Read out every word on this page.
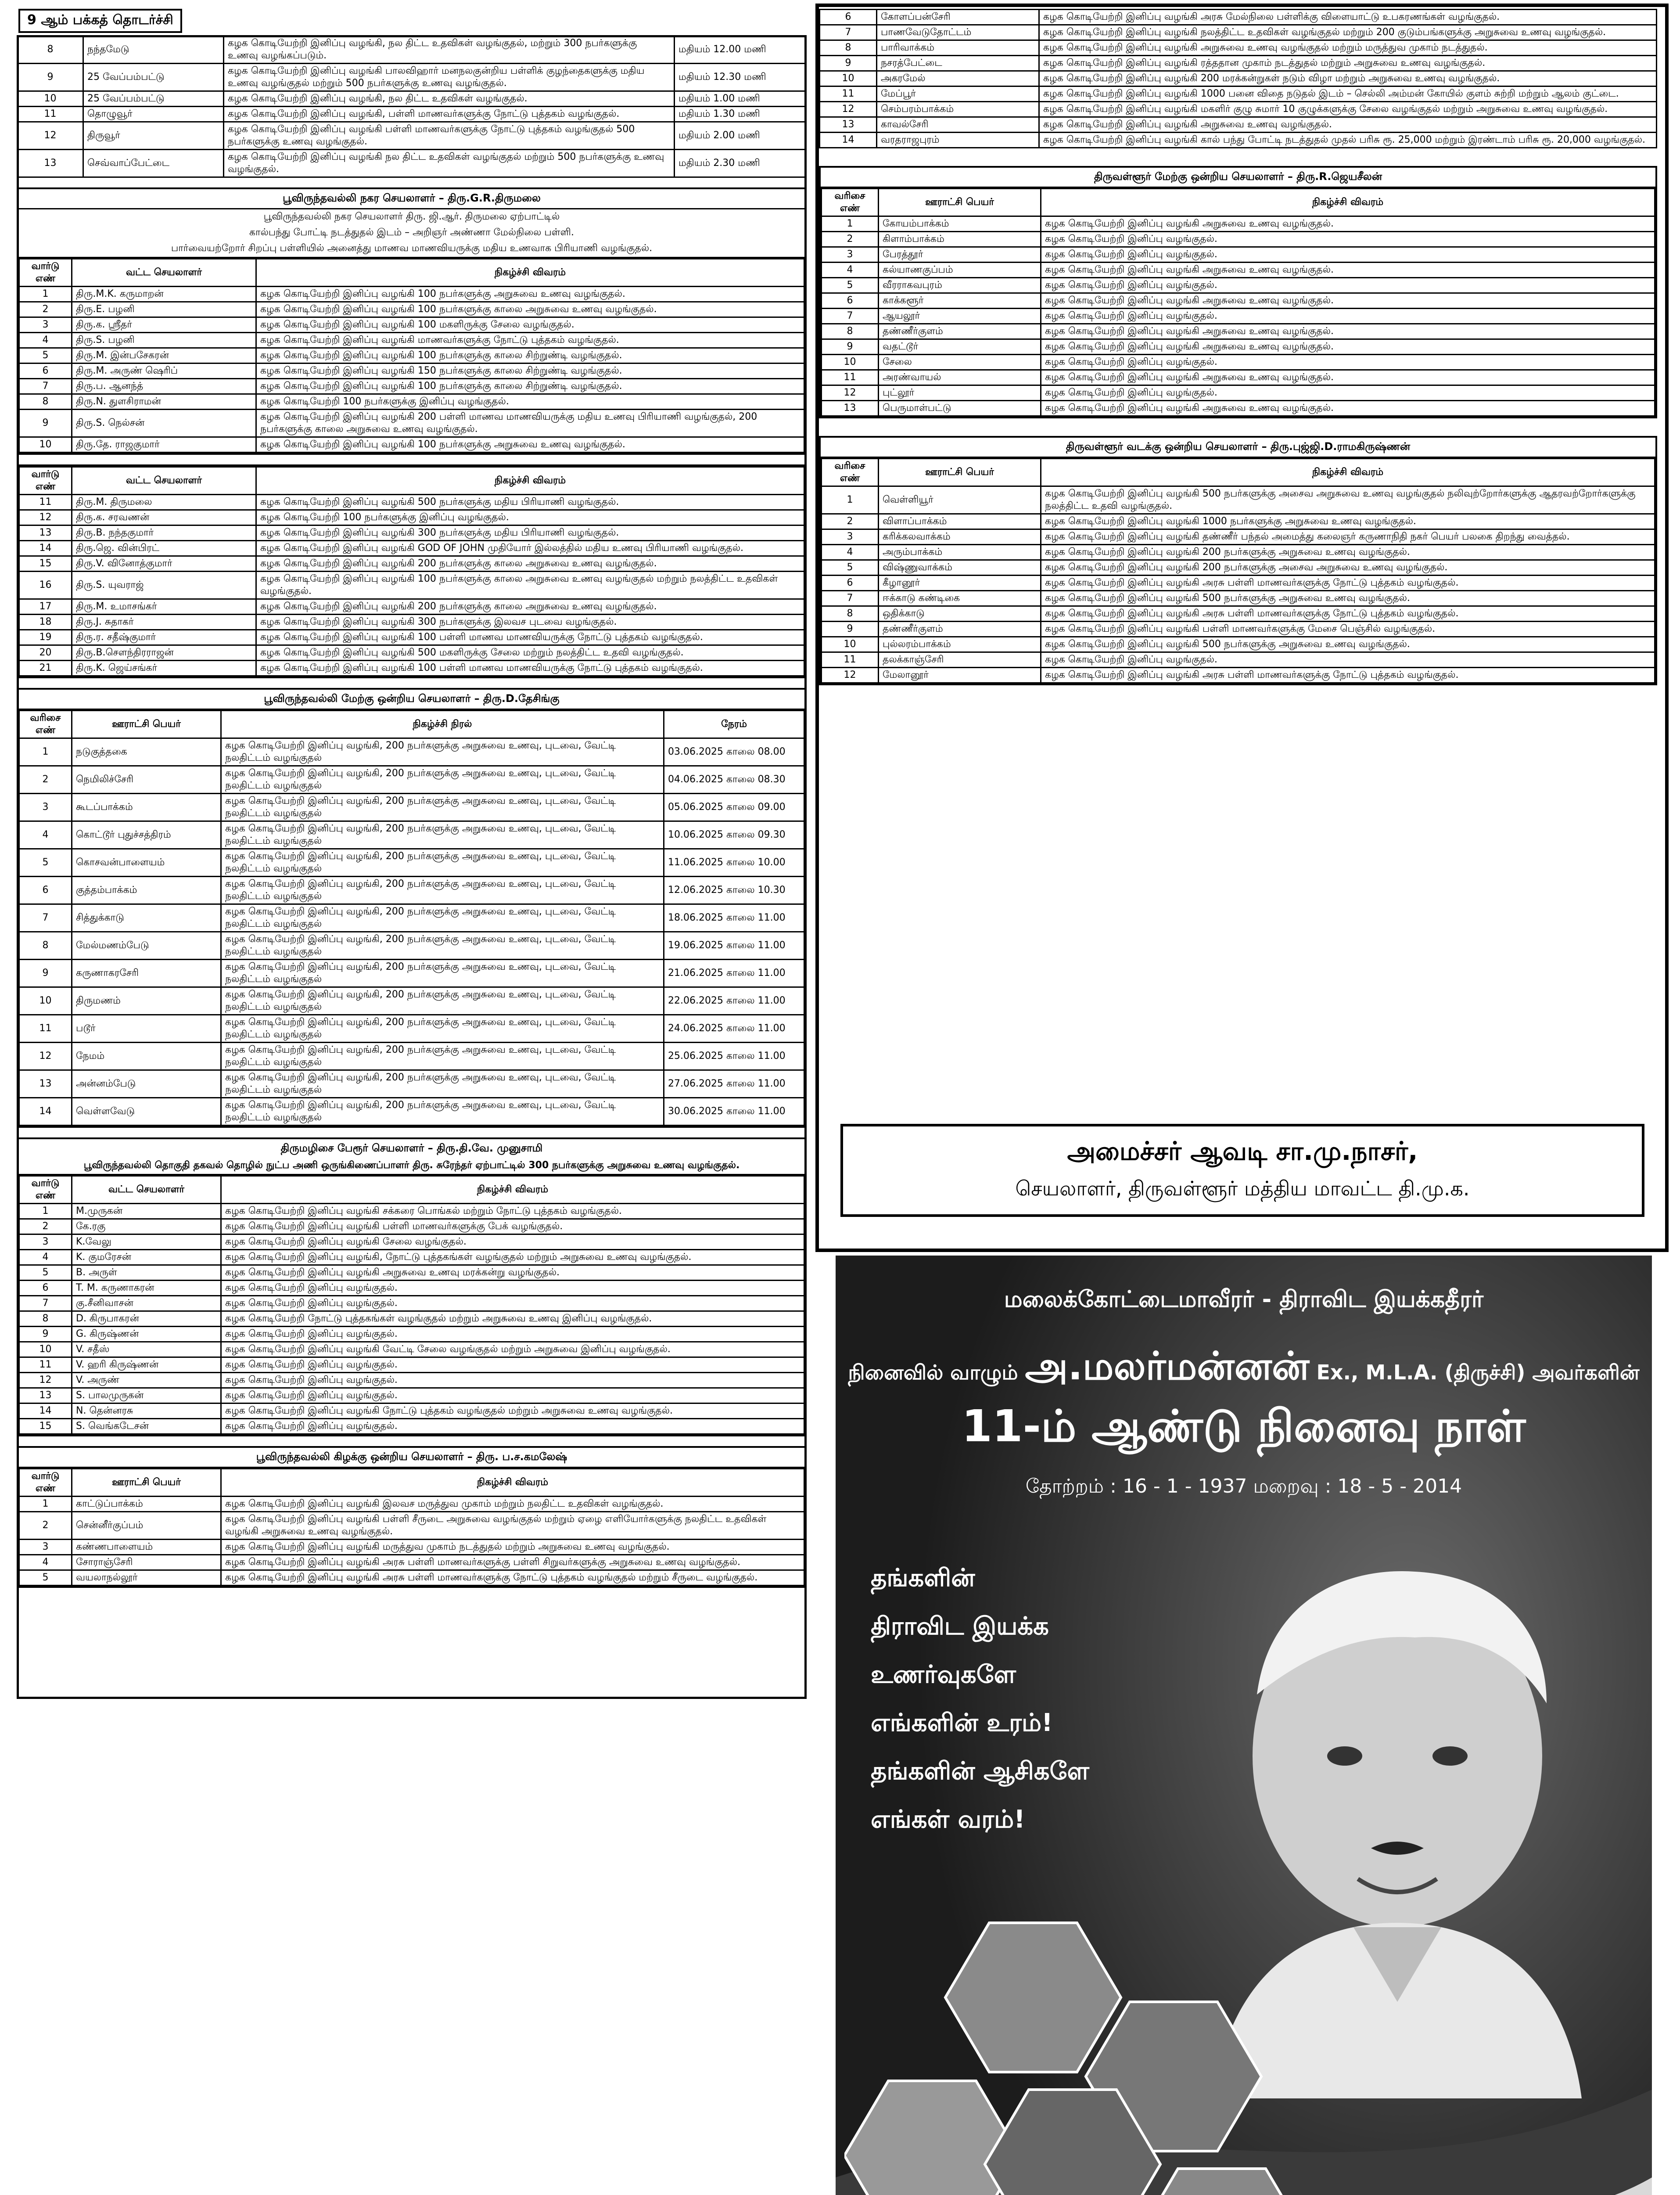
9 ஆம் பக்கத் தொடர்ச்சி
8	நந்தமேடு	கழக கொடியேற்றி இனிப்பு வழங்கி, நல திட்ட உதவிகள் வழங்குதல், மற்றும் 300 நபர்களுக்கு உணவு வழங்கப்படும்.	மதியம் 12.00 மணி
9	25 வேப்பம்பட்டு	கழக கொடியேற்றி இனிப்பு வழங்கி பாலவிஹார் மனநலகுன்றிய பள்ளிக் குழந்தைகளுக்கு மதிய உணவு வழங்குதல் மற்றும் 500 நபர்களுக்கு உணவு வழங்குதல்.	மதியம் 12.30 மணி
10	25 வேப்பம்பட்டு	கழக கொடியேற்றி இனிப்பு வழங்கி, நல திட்ட உதவிகள் வழங்குதல்.	மதியம் 1.00 மணி
11	தொழுவூர்	கழக கொடியேற்றி இனிப்பு வழங்கி, பள்ளி மாணவர்களுக்கு நோட்டு புத்தகம் வழங்குதல்.	மதியம் 1.30 மணி
12	திருவூர்	கழக கொடியேற்றி இனிப்பு வழங்கி பள்ளி மாணவர்களுக்கு நோட்டு புத்தகம் வழங்குதல் 500 நபர்களுக்கு உணவு வழங்குதல்.	மதியம் 2.00 மணி
13	செவ்வாப்பேட்டை	கழக கொடியேற்றி இனிப்பு வழங்கி நல திட்ட உதவிகள் வழங்குதல் மற்றும் 500 நபர்களுக்கு உணவு வழங்குதல்.	மதியம் 2.30 மணி
பூவிருந்தவல்லி நகர செயலாளர் – திரு.G.R.திருமலை
பூவிருந்தவல்லி நகர செயலாளர் திரு. ஜி.ஆர். திருமலை ஏற்பாட்டில்
கால்பந்து போட்டி நடத்துதல் இடம் – அறிஞர் அண்ணா மேல்நிலை பள்ளி.
பார்வையற்றோர் சிறப்பு பள்ளியில் அனைத்து மாணவ மாணவியருக்கு மதிய உணவாக பிரியாணி வழங்குதல்.
வார்டு எண்	வட்ட செயலாளர்	நிகழ்ச்சி விவரம்
1	திரு.M.K. கருமாறன்	கழக கொடியேற்றி இனிப்பு வழங்கி 100 நபர்களுக்கு அறுசுவை உணவு வழங்குதல்.
2	திரு.E. பழனி	கழக கொடியேற்றி இனிப்பு வழங்கி 100 நபர்களுக்கு காலை அறுசுவை உணவு வழங்குதல்.
3	திரு.க. ஸ்ரீதர்	கழக கொடியேற்றி இனிப்பு வழங்கி 100 மகளிருக்கு சேலை வழங்குதல்.
4	திரு.S. பழனி	கழக கொடியேற்றி இனிப்பு வழங்கி மாணவர்களுக்கு நோட்டு புத்தகம் வழங்குதல்.
5	திரு.M. இன்பசேகரன்	கழக கொடியேற்றி இனிப்பு வழங்கி 100 நபர்களுக்கு காலை சிற்றுண்டி வழங்குதல்.
6	திரு.M. அருண் ஷெரிப்	கழக கொடியேற்றி இனிப்பு வழங்கி 150 நபர்களுக்கு காலை சிற்றுண்டி வழங்குதல்.
7	திரு.ப. ஆனந்த்	கழக கொடியேற்றி இனிப்பு வழங்கி 100 நபர்களுக்கு காலை சிற்றுண்டி வழங்குதல்.
8	திரு.N. துளசிராமன்	கழக கொடியேற்றி 100 நபர்களுக்கு இனிப்பு வழங்குதல்.
9	திரு.S. நெல்சன்	கழக கொடியேற்றி இனிப்பு வழங்கி 200 பள்ளி மாணவ மாணவியருக்கு மதிய உணவு பிரியாணி வழங்குதல், 200 நபர்களுக்கு காலை அறுசுவை உணவு வழங்குதல்.
10	திரு.தே. ராஜகுமார்	கழக கொடியேற்றி இனிப்பு வழங்கி 100 நபர்களுக்கு அறுசுவை உணவு வழங்குதல்.
வார்டு எண்	வட்ட செயலாளர்	நிகழ்ச்சி விவரம்
11	திரு.M. திருமலை	கழக கொடியேற்றி இனிப்பு வழங்கி 500 நபர்களுக்கு மதிய பிரியாணி வழங்குதல்.
12	திரு.க. சரவணன்	கழக கொடியேற்றி 100 நபர்களுக்கு இனிப்பு வழங்குதல்.
13	திரு.B. நந்தகுமார்	கழக கொடியேற்றி இனிப்பு வழங்கி 300 நபர்களுக்கு மதிய பிரியாணி வழங்குதல்.
14	திரு.ஜெ. வின்பிரட்	கழக கொடியேற்றி இனிப்பு வழங்கி GOD OF JOHN முதியோர் இல்லத்தில் மதிய உணவு பிரியாணி வழங்குதல்.
15	திரு.V. வினோத்குமார்	கழக கொடியேற்றி இனிப்பு வழங்கி 200 நபர்களுக்கு காலை அறுசுவை உணவு வழங்குதல்.
16	திரு.S. யுவராஜ்	கழக கொடியேற்றி இனிப்பு வழங்கி 100 நபர்களுக்கு காலை அறுசுவை உணவு வழங்குதல் மற்றும் நலத்திட்ட உதவிகள் வழங்குதல்.
17	திரு.M. உமாசங்கர்	கழக கொடியேற்றி இனிப்பு வழங்கி 200 நபர்களுக்கு காலை அறுசுவை உணவு வழங்குதல்.
18	திரு.J. சுதாகர்	கழக கொடியேற்றி இனிப்பு வழங்கி 300 நபர்களுக்கு இலவச புடவை வழங்குதல்.
19	திரு.ர. சதீஷ்குமார்	கழக கொடியேற்றி இனிப்பு வழங்கி 100 பள்ளி மாணவ மாணவியருக்கு நோட்டு புத்தகம் வழங்குதல்.
20	திரு.B.சௌந்திரராஜன்	கழக கொடியேற்றி இனிப்பு வழங்கி 500 மகளிருக்கு சேலை மற்றும் நலத்திட்ட உதவி வழங்குதல்.
21	திரு.K. ஜெய்சங்கர்	கழக கொடியேற்றி இனிப்பு வழங்கி 100 பள்ளி மாணவ மாணவியருக்கு நோட்டு புத்தகம் வழங்குதல்.
பூவிருந்தவல்லி மேற்கு ஒன்றிய செயலாளர் – திரு.D.தேசிங்கு
வரிசை எண்	ஊராட்சி பெயர்	நிகழ்ச்சி நிரல்	நேரம்
1	நடுகுத்தகை	கழக கொடியேற்றி இனிப்பு வழங்கி, 200 நபர்களுக்கு அறுசுவை உணவு, புடவை, வேட்டி நலதிட்டம் வழங்குதல்	03.06.2025 காலை 08.00
2	நெமிலிச்சேரி	கழக கொடியேற்றி இனிப்பு வழங்கி, 200 நபர்களுக்கு அறுசுவை உணவு, புடவை, வேட்டி நலதிட்டம் வழங்குதல்	04.06.2025 காலை 08.30
3	கூடப்பாக்கம்	கழக கொடியேற்றி இனிப்பு வழங்கி, 200 நபர்களுக்கு அறுசுவை உணவு, புடவை, வேட்டி நலதிட்டம் வழங்குதல்	05.06.2025 காலை 09.00
4	கொட்டூர் புதுச்சத்திரம்	கழக கொடியேற்றி இனிப்பு வழங்கி, 200 நபர்களுக்கு அறுசுவை உணவு, புடவை, வேட்டி நலதிட்டம் வழங்குதல்	10.06.2025 காலை 09.30
5	கொசவன்பாளையம்	கழக கொடியேற்றி இனிப்பு வழங்கி, 200 நபர்களுக்கு அறுசுவை உணவு, புடவை, வேட்டி நலதிட்டம் வழங்குதல்	11.06.2025 காலை 10.00
6	குத்தம்பாக்கம்	கழக கொடியேற்றி இனிப்பு வழங்கி, 200 நபர்களுக்கு அறுசுவை உணவு, புடவை, வேட்டி நலதிட்டம் வழங்குதல்	12.06.2025 காலை 10.30
7	சித்துக்காடு	கழக கொடியேற்றி இனிப்பு வழங்கி, 200 நபர்களுக்கு அறுசுவை உணவு, புடவை, வேட்டி நலதிட்டம் வழங்குதல்	18.06.2025 காலை 11.00
8	மேல்மணம்பேடு	கழக கொடியேற்றி இனிப்பு வழங்கி, 200 நபர்களுக்கு அறுசுவை உணவு, புடவை, வேட்டி நலதிட்டம் வழங்குதல்	19.06.2025 காலை 11.00
9	கருணாகரசேரி	கழக கொடியேற்றி இனிப்பு வழங்கி, 200 நபர்களுக்கு அறுசுவை உணவு, புடவை, வேட்டி நலதிட்டம் வழங்குதல்	21.06.2025 காலை 11.00
10	திருமணம்	கழக கொடியேற்றி இனிப்பு வழங்கி, 200 நபர்களுக்கு அறுசுவை உணவு, புடவை, வேட்டி நலதிட்டம் வழங்குதல்	22.06.2025 காலை 11.00
11	படூர்	கழக கொடியேற்றி இனிப்பு வழங்கி, 200 நபர்களுக்கு அறுசுவை உணவு, புடவை, வேட்டி நலதிட்டம் வழங்குதல்	24.06.2025 காலை 11.00
12	நேமம்	கழக கொடியேற்றி இனிப்பு வழங்கி, 200 நபர்களுக்கு அறுசுவை உணவு, புடவை, வேட்டி நலதிட்டம் வழங்குதல்	25.06.2025 காலை 11.00
13	அன்னம்பேடு	கழக கொடியேற்றி இனிப்பு வழங்கி, 200 நபர்களுக்கு அறுசுவை உணவு, புடவை, வேட்டி நலதிட்டம் வழங்குதல்	27.06.2025 காலை 11.00
14	வெள்ளவேடு	கழக கொடியேற்றி இனிப்பு வழங்கி, 200 நபர்களுக்கு அறுசுவை உணவு, புடவை, வேட்டி நலதிட்டம் வழங்குதல்	30.06.2025 காலை 11.00
திருமழிசை பேரூர் செயலாளர் – திரு.தி.வே. முனுசாமி
பூவிருந்தவல்லி தொகுதி தகவல் தொழில் நுட்ப அணி ஒருங்கிணைப்பாளர் திரு. சுரேந்தர் ஏற்பாட்டில் 300 நபர்களுக்கு அறுசுவை உணவு வழங்குதல்.
வார்டு எண்	வட்ட செயலாளர்	நிகழ்ச்சி விவரம்
1	M.முருகன்	கழக கொடியேற்றி இனிப்பு வழங்கி சக்கரை பொங்கல் மற்றும் நோட்டு புத்தகம் வழங்குதல்.
2	கே.ரகு	கழக கொடியேற்றி இனிப்பு வழங்கி பள்ளி மாணவர்களுக்கு பேக் வழங்குதல்.
3	K.வேலு	கழக கொடியேற்றி இனிப்பு வழங்கி சேலை வழங்குதல்.
4	K. குமரேசன்	கழக கொடியேற்றி இனிப்பு வழங்கி, நோட்டு புத்தகங்கள் வழங்குதல் மற்றும் அறுசுவை உணவு வழங்குதல்.
5	B. அருள்	கழக கொடியேற்றி இனிப்பு வழங்கி அறுசுவை உணவு மரக்கன்று வழங்குதல்.
6	T. M. கருணாகரன்	கழக கொடியேற்றி இனிப்பு வழங்குதல்.
7	கு.சீனிவாசன்	கழக கொடியேற்றி இனிப்பு வழங்குதல்.
8	D. கிருபாகரன்	கழக கொடியேற்றி நோட்டு புத்தகங்கள் வழங்குதல் மற்றும் அறுசுவை உணவு இனிப்பு வழங்குதல்.
9	G. கிருஷ்ணன்	கழக கொடியேற்றி இனிப்பு வழங்குதல்.
10	V. சதீஸ்	கழக கொடியேற்றி இனிப்பு வழங்கி வேட்டி சேலை வழங்குதல் மற்றும் அறுசுவை இனிப்பு வழங்குதல்.
11	V. ஹரி கிருஷ்ணன்	கழக கொடியேற்றி இனிப்பு வழங்குதல்.
12	V. அருண்	கழக கொடியேற்றி இனிப்பு வழங்குதல்.
13	S. பாலமுருகன்	கழக கொடியேற்றி இனிப்பு வழங்குதல்.
14	N. தென்னரசு	கழக கொடியேற்றி இனிப்பு வழங்கி நோட்டு புத்தகம் வழங்குதல் மற்றும் அறுசுவை உணவு வழங்குதல்.
15	S. வெங்கடேசன்	கழக கொடியேற்றி இனிப்பு வழங்குதல்.
பூவிருந்தவல்லி கிழக்கு ஒன்றிய செயலாளர் – திரு. ப.ச.கமலேஷ்
வார்டு எண்	ஊராட்சி பெயர்	நிகழ்ச்சி விவரம்
1	காட்டுப்பாக்கம்	கழக கொடியேற்றி இனிப்பு வழங்கி இலவச மருத்துவ முகாம் மற்றும் நலதிட்ட உதவிகள் வழங்குதல்.
2	சென்னீர்குப்பம்	கழக கொடியேற்றி இனிப்பு வழங்கி பள்ளி சீருடை அறுசுவை வழங்குதல் மற்றும் ஏழை எளியோர்களுக்கு நலதிட்ட உதவிகள் வழங்கி அறுசுவை உணவு வழங்குதல்.
3	கண்ணபாளையம்	கழக கொடியேற்றி இனிப்பு வழங்கி மருத்துவ முகாம் நடத்துதல் மற்றும் அறுசுவை உணவு வழங்குதல்.
4	சோராஞ்சேரி	கழக கொடியேற்றி இனிப்பு வழங்கி அரசு பள்ளி மாணவர்களுக்கு பள்ளி சிறுவர்களுக்கு அறுசுவை உணவு வழங்குதல்.
5	வயலாநல்லூர்	கழக கொடியேற்றி இனிப்பு வழங்கி அரசு பள்ளி மாணவர்களுக்கு நோட்டு புத்தகம் வழங்குதல் மற்றும் சீருடை வழங்குதல்.
6	கோளப்பன்சேரி	கழக கொடியேற்றி இனிப்பு வழங்கி அரசு மேல்நிலை பள்ளிக்கு விளையாட்டு உபகரணங்கள் வழங்குதல்.
7	பாணவேடுதோட்டம்	கழக கொடியேற்றி இனிப்பு வழங்கி நலத்திட்ட உதவிகள் வழங்குதல் மற்றும் 200 குடும்பங்களுக்கு அறுசுவை உணவு வழங்குதல்.
8	பாரிவாக்கம்	கழக கொடியேற்றி இனிப்பு வழங்கி அறுசுவை உணவு வழங்குதல் மற்றும் மருத்துவ முகாம் நடத்துதல்.
9	நசரத்பேட்டை	கழக கொடியேற்றி இனிப்பு வழங்கி ரத்ததான முகாம் நடத்துதல் மற்றும் அறுசுவை உணவு வழங்குதல்.
10	அகரமேல்	கழக கொடியேற்றி இனிப்பு வழங்கி 200 மரக்கன்றுகள் நடும் விழா மற்றும் அறுசுவை உணவு வழங்குதல்.
11	மேப்பூர்	கழக கொடியேற்றி இனிப்பு வழங்கி 1000 பனை விதை நடுதல் இடம் – செல்லி அம்மன் கோயில் குளம் சுற்றி மற்றும் ஆலம் குட்டை.
12	செம்பரம்பாக்கம்	கழக கொடியேற்றி இனிப்பு வழங்கி மகளிர் குழு சுமார் 10 குழுக்களுக்கு சேலை வழங்குதல் மற்றும் அறுசுவை உணவு வழங்குதல்.
13	காவல்சேரி	கழக கொடியேற்றி இனிப்பு வழங்கி அறுசுவை உணவு வழங்குதல்.
14	வரதராஜபுரம்	கழக கொடியேற்றி இனிப்பு வழங்கி கால் பந்து போட்டி நடத்துதல் முதல் பரிசு ரூ. 25,000 மற்றும் இரண்டாம் பரிசு ரூ. 20,000 வழங்குதல்.
திருவள்ளூர் மேற்கு ஒன்றிய செயலாளர் – திரு.R.ஜெயசீலன்
வரிசை எண்	ஊராட்சி பெயர்	நிகழ்ச்சி விவரம்
1	கோயம்பாக்கம்	கழக கொடியேற்றி இனிப்பு வழங்கி அறுசுவை உணவு வழங்குதல்.
2	கிளாம்பாக்கம்	கழக கொடியேற்றி இனிப்பு வழங்குதல்.
3	பேரத்தூர்	கழக கொடியேற்றி இனிப்பு வழங்குதல்.
4	கல்யாணகுப்பம்	கழக கொடியேற்றி இனிப்பு வழங்கி அறுசுவை உணவு வழங்குதல்.
5	வீரராகவபுரம்	கழக கொடியேற்றி இனிப்பு வழங்குதல்.
6	காக்களூர்	கழக கொடியேற்றி இனிப்பு வழங்கி அறுசுவை உணவு வழங்குதல்.
7	ஆயலூர்	கழக கொடியேற்றி இனிப்பு வழங்குதல்.
8	தண்ணீர்குளம்	கழக கொடியேற்றி இனிப்பு வழங்கி அறுசுவை உணவு வழங்குதல்.
9	வதட்டூர்	கழக கொடியேற்றி இனிப்பு வழங்கி அறுசுவை உணவு வழங்குதல்.
10	சேலை	கழக கொடியேற்றி இனிப்பு வழங்குதல்.
11	அரண்வாயல்	கழக கொடியேற்றி இனிப்பு வழங்கி அறுசுவை உணவு வழங்குதல்.
12	புட்லூர்	கழக கொடியேற்றி இனிப்பு வழங்குதல்.
13	பெருமாள்பட்டு	கழக கொடியேற்றி இனிப்பு வழங்கி அறுசுவை உணவு வழங்குதல்.
திருவள்ளூர் வடக்கு ஒன்றிய செயலாளர் – திரு.புஜ்ஜி.D.ராமகிருஷ்ணன்
வரிசை எண்	ஊராட்சி பெயர்	நிகழ்ச்சி விவரம்
1	வெள்ளியூர்	கழக கொடியேற்றி இனிப்பு வழங்கி 500 நபர்களுக்கு அசைவ அறுசுவை உணவு வழங்குதல் நலிவுற்றோர்களுக்கு ஆதரவற்றோர்களுக்கு நலத்திட்ட உதவி வழங்குதல்.
2	விளாப்பாக்கம்	கழக கொடியேற்றி இனிப்பு வழங்கி 1000 நபர்களுக்கு அறுசுவை உணவு வழங்குதல்.
3	கரிக்கலவாக்கம்	கழக கொடியேற்றி இனிப்பு வழங்கி தண்ணீர் பந்தல் அமைத்து கலைஞர் கருணாநிதி நகர் பெயர் பலகை திறந்து வைத்தல்.
4	அரும்பாக்கம்	கழக கொடியேற்றி இனிப்பு வழங்கி 200 நபர்களுக்கு அறுசுவை உணவு வழங்குதல்.
5	விஷ்ணுவாக்கம்	கழக கொடியேற்றி இனிப்பு வழங்கி 200 நபர்களுக்கு அசைவ அறுசுவை உணவு வழங்குதல்.
6	கீழானூர்	கழக கொடியேற்றி இனிப்பு வழங்கி அரசு பள்ளி மாணவர்களுக்கு நோட்டு புத்தகம் வழங்குதல்.
7	ஈக்காடு கண்டிகை	கழக கொடியேற்றி இனிப்பு வழங்கி 500 நபர்களுக்கு அறுசுவை உணவு வழங்குதல்.
8	ஒதிக்காடு	கழக கொடியேற்றி இனிப்பு வழங்கி அரசு பள்ளி மாணவர்களுக்கு நோட்டு புத்தகம் வழங்குதல்.
9	தண்ணீர்குளம்	கழக கொடியேற்றி இனிப்பு வழங்கி பள்ளி மாணவர்களுக்கு மேசை பெஞ்சில் வழங்குதல்.
10	புல்லரம்பாக்கம்	கழக கொடியேற்றி இனிப்பு வழங்கி 500 நபர்களுக்கு அறுசுவை உணவு வழங்குதல்.
11	தலக்காஞ்சேரி	கழக கொடியேற்றி இனிப்பு வழங்குதல்.
12	மேலானூர்	கழக கொடியேற்றி இனிப்பு வழங்கி அரசு பள்ளி மாணவர்களுக்கு நோட்டு புத்தகம் வழங்குதல்.
அமைச்சர் ஆவடி சா.மு.நாசர்,
செயலாளர், திருவள்ளூர் மத்திய மாவட்ட தி.மு.க.
மலைக்கோட்டைமாவீரர் - திராவிட இயக்கதீரர்
நினைவில் வாழும் அ.மலர்மன்னன் Ex., M.L.A. (திருச்சி) அவர்களின்
11-ம் ஆண்டு நினைவு நாள்
தோற்றம் : 16 - 1 - 1937 மறைவு : 18 - 5 - 2014
தங்களின்
திராவிட இயக்க
உணர்வுகளே
எங்களின் உரம்!
தங்களின் ஆசிகளே
எங்கள் வரம்!
